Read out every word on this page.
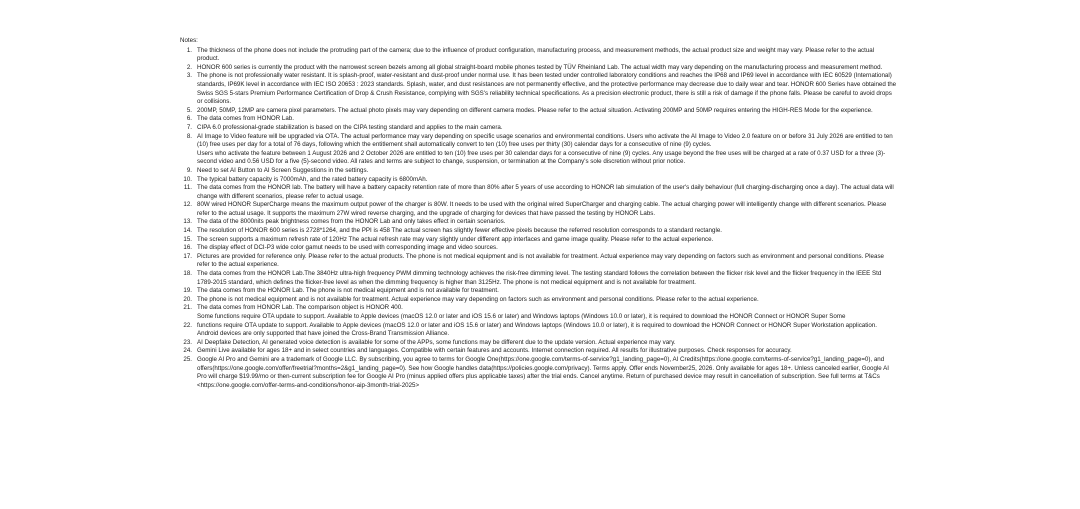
Notes:
1. The thickness of the phone does not include the protruding part of the camera; due to the influence of product configuration, manufacturing process, and measurement methods, the actual product size and weight may vary. Please refer to the actual product.
2. HONOR 600 series is currently the product with the narrowest screen bezels among all global straight-board mobile phones tested by TÜV Rheinland Lab. The actual width may vary depending on the manufacturing process and measurement method.
3. The phone is not professionally water resistant. It is splash-proof, water-resistant and dust-proof under normal use. It has been tested under controlled laboratory conditions and reaches the IP68 and IP69 level in accordance with IEC 60529 (International) standards, IP69K level in accordance with IEC ISO 20653 : 2023 standards. Splash, water, and dust resistances are not permanently effective, and the protective performance may decrease due to daily wear and tear. HONOR 600 Series have obtained the Swiss SGS 5-stars Premium Performance Certification of Drop & Crush Resistance, complying with SGS's reliability technical specifications. As a precision electronic product, there is still a risk of damage if the phone falls. Please be careful to avoid drops or collisions.
5. 200MP, 50MP, 12MP are camera pixel parameters. The actual photo pixels may vary depending on different camera modes. Please refer to the actual situation. Activating 200MP and 50MP requires entering the HIGH-RES Mode for the experience.
6. The data comes from HONOR Lab.
7. CIPA 6.0 professional-grade stabilization is based on the CIPA testing standard and applies to the main camera.
8. AI Image to Video feature will be upgraded via OTA. The actual performance may vary depending on specific usage scenarios and environmental conditions. Users who activate the AI Image to Video 2.0 feature on or before 31 July 2026 are entitled to ten (10) free uses per day for a total of 76 days, following which the entitlement shall automatically convert to ten (10) free uses per thirty (30) calendar days for a consecutive of nine (9) cycles.
Users who activate the feature between 1 August 2026 and 2 October 2026 are entitled to ten (10) free uses per 30 calendar days for a consecutive of nine (9) cycles. Any usage beyond the free uses will be charged at a rate of 0.37 USD for a three (3)-second video and 0.56 USD for a five (5)-second video. All rates and terms are subject to change, suspension, or termination at the Company's sole discretion without prior notice.
9. Need to set AI Button to AI Screen Suggestions in the settings.
10. The typical battery capacity is 7000mAh, and the rated battery capacity is 6800mAh.
11. The data comes from the HONOR lab. The battery will have a battery capacity retention rate of more than 80% after 5 years of use according to HONOR lab simulation of the user's daily behaviour (full charging-discharging once a day). The actual data will change with different scenarios, please refer to actual usage.
12. 80W wired HONOR SuperCharge means the maximum output power of the charger is 80W. It needs to be used with the original wired SuperCharger and charging cable. The actual charging power will intelligently change with different scenarios. Please refer to the actual usage. It supports the maximum 27W wired reverse charging, and the upgrade of charging for devices that have passed the testing by HONOR Labs.
13. The data of the 8000nits peak brightness comes from the HONOR Lab and only takes effect in certain scenarios.
14. The resolution of HONOR 600 series is 2728*1264, and the PPI is 458 The actual screen has slightly fewer effective pixels because the referred resolution corresponds to a standard rectangle.
15. The screen supports a maximum refresh rate of 120Hz The actual refresh rate may vary slightly under different app interfaces and game image quality. Please refer to the actual experience.
16. The display effect of DCI-P3 wide color gamut needs to be used with corresponding image and video sources.
17. Pictures are provided for reference only. Please refer to the actual products. The phone is not medical equipment and is not available for treatment. Actual experience may vary depending on factors such as environment and personal conditions. Please refer to the actual experience.
18. The data comes from the HONOR Lab.The 3840Hz ultra-high frequency PWM dimming technology achieves the risk-free dimming level. The testing standard follows the correlation between the flicker risk level and the flicker frequency in the IEEE Std 1789-2015 standard, which defines the flicker-free level as when the dimming frequency is higher than 3125Hz. The phone is not medical equipment and is not available for treatment.
19. The data comes from the HONOR Lab. The phone is not medical equipment and is not available for treatment.
20. The phone is not medical equipment and is not available for treatment. Actual experience may vary depending on factors such as environment and personal conditions. Please refer to the actual experience.
21. The data comes from HONOR Lab. The comparison object is HONOR 400.
Some functions require OTA update to support. Available to Apple devices (macOS 12.0 or later and iOS 15.6 or later) and Windows laptops (Windows 10.0 or later), it is required to download the HONOR Connect or HONOR Super Some
22. functions require OTA update to support. Available to Apple devices (macOS 12.0 or later and iOS 15.6 or later) and Windows laptops (Windows 10.0 or later), it is required to download the HONOR Connect or HONOR Super Workstation application. Android devices are only supported that have joined the Cross-Brand Transmission Alliance.
23. AI Deepfake Detection, AI generated voice detection is available for some of the APPs, some functions may be different due to the update version. Actual experience may vary.
24. Gemini Live available for ages 18+ and in select countries and languages. Compatible with certain features and accounts. Internet connection required. All results for illustrative purposes. Check responses for accuracy.
25. Google AI Pro and Gemini are a trademark of Google LLC. By subscribing, you agree to terms for Google One(https://one.google.com/terms-of-service?g1_landing_page=0), AI Credits(https://one.google.com/terms-of-service?g1_landing_page=0), and offers(https://one.google.com/offer/freetrial?months=2&g1_landing_page=0). See how Google handles data(https://policies.google.com/privacy). Terms apply. Offer ends November25, 2026. Only available for ages 18+. Unless canceled earlier, Google AI Pro will charge $19.99/mo or then-current subscription fee for Google AI Pro (minus applied offers plus applicable taxes) after the trial ends. Cancel anytime. Return of purchased device may result in cancellation of subscription. See full terms at T&Cs <https://one.google.com/offer-terms-and-conditions/honor-aip-3month-trial-2025>
